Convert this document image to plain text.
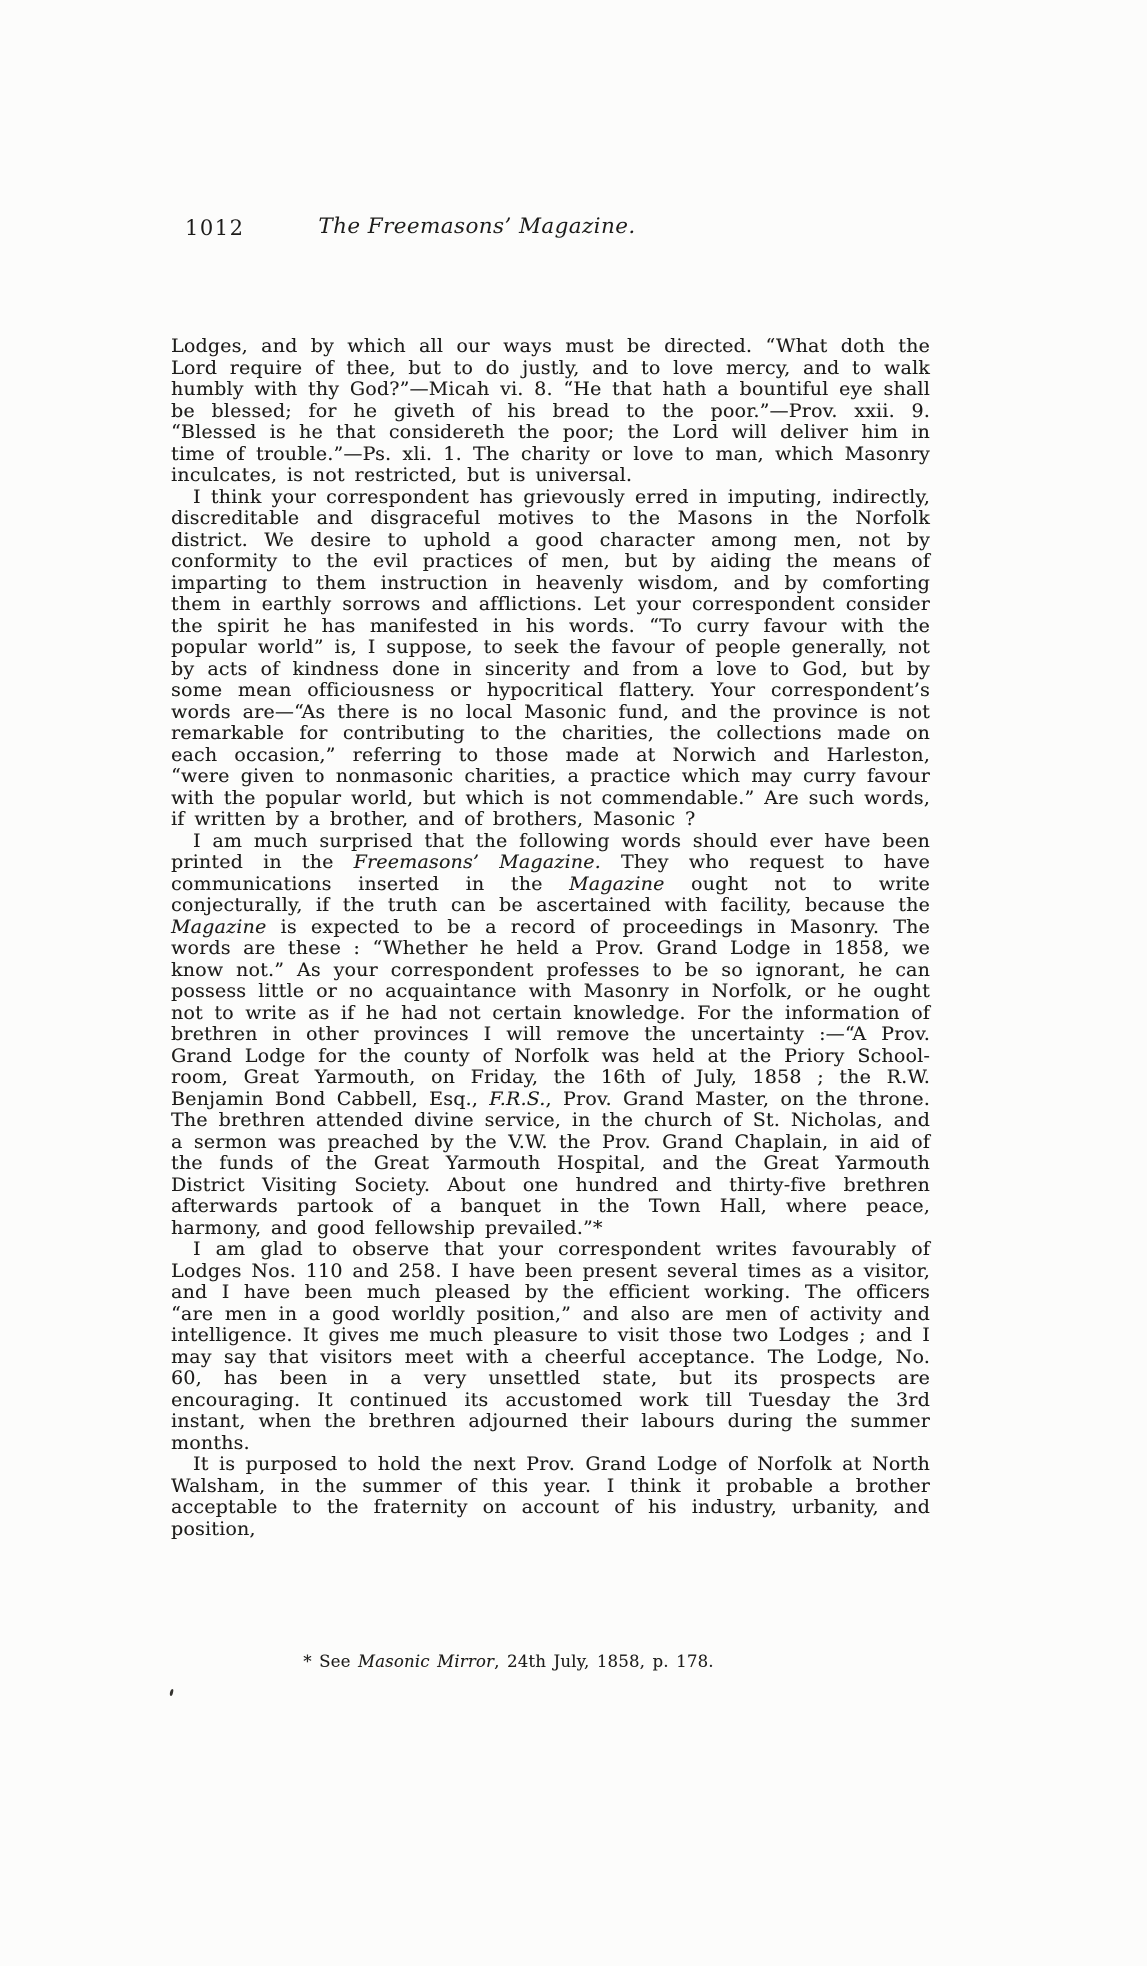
1012	The Freemasons’ Magazine.

Lodges, and by which all our ways must be directed. “What doth the Lord require of thee, but to do justly, and to love mercy, and to walk humbly with thy God?”—Micah vi. 8. “He that hath a bountiful eye shall be blessed; for he giveth of his bread to the poor.”—Prov. xxii. 9. “Blessed is he that considereth the poor; the Lord will deliver him in time of trouble.”—Ps. xli. 1. The charity or love to man, which Masonry inculcates, is not restricted, but is universal.

I think your correspondent has grievously erred in imputing, indirectly, discreditable and disgraceful motives to the Masons in the Norfolk district. We desire to uphold a good character among men, not by conformity to the evil practices of men, but by aiding the means of imparting to them instruction in heavenly wisdom, and by comforting them in earthly sorrows and afflictions. Let your correspondent consider the spirit he has manifested in his words. “To curry favour with the popular world” is, I suppose, to seek the favour of people generally, not by acts of kindness done in sincerity and from a love to God, but by some mean officiousness or hypocritical flattery. Your correspondent’s words are—“As there is no local Masonic fund, and the province is not remarkable for contributing to the charities, the collections made on each occasion,” referring to those made at Norwich and Harleston, “were given to nonmasonic charities, a practice which may curry favour with the popular world, but which is not commendable.” Are such words, if written by a brother, and of brothers, Masonic ?

I am much surprised that the following words should ever have been printed in the Freemasons’ Magazine. They who request to have communications inserted in the Magazine ought not to write conjecturally, if the truth can be ascertained with facility, because the Magazine is expected to be a record of proceedings in Masonry. The words are these : “Whether he held a Prov. Grand Lodge in 1858, we know not.” As your correspondent professes to be so ignorant, he can possess little or no acquaintance with Masonry in Norfolk, or he ought not to write as if he had not certain knowledge. For the information of brethren in other provinces I will remove the uncertainty :—“A Prov. Grand Lodge for the county of Norfolk was held at the Priory School-room, Great Yarmouth, on Friday, the 16th of July, 1858 ; the R.W. Benjamin Bond Cabbell, Esq., F.R.S., Prov. Grand Master, on the throne. The brethren attended divine service, in the church of St. Nicholas, and a sermon was preached by the V.W. the Prov. Grand Chaplain, in aid of the funds of the Great Yarmouth Hospital, and the Great Yarmouth District Visiting Society. About one hundred and thirty-five brethren afterwards partook of a banquet in the Town Hall, where peace, harmony, and good fellowship prevailed.”*

I am glad to observe that your correspondent writes favourably of Lodges Nos. 110 and 258. I have been present several times as a visitor, and I have been much pleased by the efficient working. The officers “are men in a good worldly position,” and also are men of activity and intelligence. It gives me much pleasure to visit those two Lodges ; and I may say that visitors meet with a cheerful acceptance. The Lodge, No. 60, has been in a very unsettled state, but its prospects are encouraging. It continued its accustomed work till Tuesday the 3rd instant, when the brethren adjourned their labours during the summer months.

It is purposed to hold the next Prov. Grand Lodge of Norfolk at North Walsham, in the summer of this year. I think it probable a brother acceptable to the fraternity on account of his industry, urbanity, and position,

* See Masonic Mirror, 24th July, 1858, p. 178.
